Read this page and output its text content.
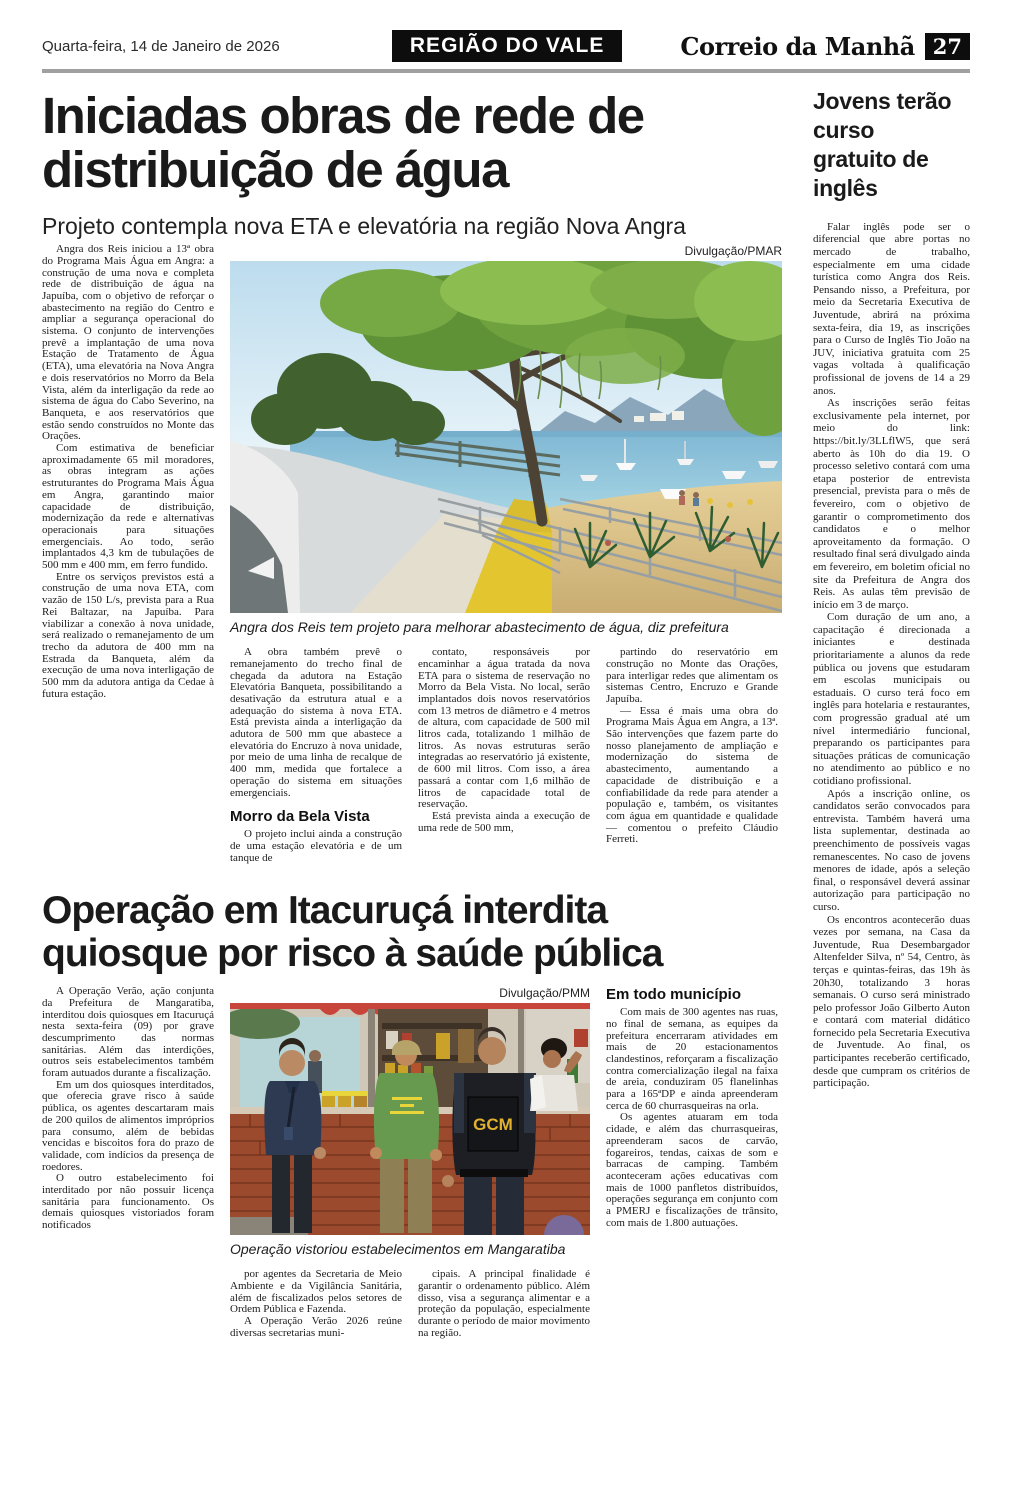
Quarta-feira, 14 de Janeiro de 2026	REGIÃO DO VALE	Correio da Manhã 27
Iniciadas obras de rede de distribuição de água
Projeto contempla nova ETA e elevatória na região Nova Angra

Angra dos Reis iniciou a 13ª obra do Programa Mais Água em Angra: a construção de uma nova e completa rede de distribuição de água na Japuíba, com o objetivo de reforçar o abastecimento na região do Centro e ampliar a segurança operacional do sistema. O conjunto de intervenções prevê a implantação de uma nova Estação de Tratamento de Água (ETA), uma elevatória na Nova Angra e dois reservatórios no Morro da Bela Vista, além da interligação da rede ao sistema de água do Cabo Severino, na Banqueta, e aos reservatórios que estão sendo construídos no Monte das Orações.

Com estimativa de beneficiar aproximadamente 65 mil moradores, as obras integram as ações estruturantes do Programa Mais Água em Angra, garantindo maior capacidade de distribuição, modernização da rede e alternativas operacionais para situações emergenciais. Ao todo, serão implantados 4,3 km de tubulações de 500 mm e 400 mm, em ferro fundido.

Entre os serviços previstos está a construção de uma nova ETA, com vazão de 150 L/s, prevista para a Rua Rei Baltazar, na Japuíba. Para viabilizar a conexão à nova unidade, será realizado o remanejamento de um trecho da adutora de 400 mm na Estrada da Banqueta, além da execução de uma nova interligação de 500 mm da adutora antiga da Cedae à futura estação.

Divulgação/PMAR
Angra dos Reis tem projeto para melhorar abastecimento de água, diz prefeitura

A obra também prevê o remanejamento do trecho final de chegada da adutora na Estação Elevatória Banqueta, possibilitando a desativação da estrutura atual e a adequação do sistema à nova ETA. Está prevista ainda a interligação da adutora de 500 mm que abastece a elevatória do Encruzo à nova unidade, por meio de uma linha de recalque de 400 mm, medida que fortalece a operação do sistema em situações emergenciais.

Morro da Bela Vista

O projeto inclui ainda a construção de uma estação elevatória e de um tanque de

contato, responsáveis por encaminhar a água tratada da nova ETA para o sistema de reservação no Morro da Bela Vista. No local, serão implantados dois novos reservatórios com 13 metros de diâmetro e 4 metros de altura, com capacidade de 500 mil litros cada, totalizando 1 milhão de litros. As novas estruturas serão integradas ao reservatório já existente, de 600 mil litros. Com isso, a área passará a contar com 1,6 milhão de litros de capacidade total de reservação.

Está prevista ainda a execução de uma rede de 500 mm,

partindo do reservatório em construção no Monte das Orações, para interligar redes que alimentam os sistemas Centro, Encruzo e Grande Japuíba.

— Essa é mais uma obra do Programa Mais Água em Angra, a 13ª. São intervenções que fazem parte do nosso planejamento de ampliação e modernização do sistema de abastecimento, aumentando a capacidade de distribuição e a confiabilidade da rede para atender a população e, também, os visitantes com água em quantidade e qualidade — comentou o prefeito Cláudio Ferreti.

Operação em Itacuruçá interdita quiosque por risco à saúde pública

A Operação Verão, ação conjunta da Prefeitura de Mangaratiba, interditou dois quiosques em Itacuruçá nesta sexta-feira (09) por grave descumprimento das normas sanitárias. Além das interdições, outros seis estabelecimentos também foram autuados durante a fiscalização.

Em um dos quiosques interditados, que oferecia grave risco à saúde pública, os agentes descartaram mais de 200 quilos de alimentos impróprios para consumo, além de bebidas vencidas e biscoitos fora do prazo de validade, com indícios da presença de roedores.

O outro estabelecimento foi interditado por não possuir licença sanitária para funcionamento. Os demais quiosques vistoriados foram notificados

Divulgação/PMM
GCM
Operação vistoriou estabelecimentos em Mangaratiba

por agentes da Secretaria de Meio Ambiente e da Vigilância Sanitária, além de fiscalizados pelos setores de Ordem Pública e Fazenda.

A Operação Verão 2026 reúne diversas secretarias muni-

cipais. A principal finalidade é garantir o ordenamento público. Além disso, visa a segurança alimentar e a proteção da população, especialmente durante o período de maior movimento na região.

Em todo município

Com mais de 300 agentes nas ruas, no final de semana, as equipes da prefeitura encerraram atividades em mais de 20 estacionamentos clandestinos, reforçaram a fiscalização contra comercialização ilegal na faixa de areia, conduziram 05 flanelinhas para a 165ªDP e ainda apreenderam cerca de 60 churrasqueiras na orla.

Os agentes atuaram em toda cidade, e além das churrasqueiras, apreenderam sacos de carvão, fogareiros, tendas, caixas de som e barracas de camping. Também aconteceram ações educativas com mais de 1000 panfletos distribuídos, operações segurança em conjunto com a PMERJ e fiscalizações de trânsito, com mais de 1.800 autuações.

Jovens terão curso gratuito de inglês

Falar inglês pode ser o diferencial que abre portas no mercado de trabalho, especialmente em uma cidade turística como Angra dos Reis. Pensando nisso, a Prefeitura, por meio da Secretaria Executiva de Juventude, abrirá na próxima sexta-feira, dia 19, as inscrições para o Curso de Inglês Tio João na JUV, iniciativa gratuita com 25 vagas voltada à qualificação profissional de jovens de 14 a 29 anos.

As inscrições serão feitas exclusivamente pela internet, por meio do link: https://bit.ly/3LLflW5, que será aberto às 10h do dia 19. O processo seletivo contará com uma etapa posterior de entrevista presencial, prevista para o mês de fevereiro, com o objetivo de garantir o comprometimento dos candidatos e o melhor aproveitamento da formação. O resultado final será divulgado ainda em fevereiro, em boletim oficial no site da Prefeitura de Angra dos Reis. As aulas têm previsão de início em 3 de março.

Com duração de um ano, a capacitação é direcionada a iniciantes e destinada prioritariamente a alunos da rede pública ou jovens que estudaram em escolas municipais ou estaduais. O curso terá foco em inglês para hotelaria e restaurantes, com progressão gradual até um nível intermediário funcional, preparando os participantes para situações práticas de comunicação no atendimento ao público e no cotidiano profissional.

Após a inscrição online, os candidatos serão convocados para entrevista. Também haverá uma lista suplementar, destinada ao preenchimento de possíveis vagas remanescentes. No caso de jovens menores de idade, após a seleção final, o responsável deverá assinar autorização para participação no curso.

Os encontros acontecerão duas vezes por semana, na Casa da Juventude, Rua Desembargador Altenfelder Silva, nº 54, Centro, às terças e quintas-feiras, das 19h às 20h30, totalizando 3 horas semanais. O curso será ministrado pelo professor João Gilberto Auton e contará com material didático fornecido pela Secretaria Executiva de Juventude. Ao final, os participantes receberão certificado, desde que cumpram os critérios de participação.
